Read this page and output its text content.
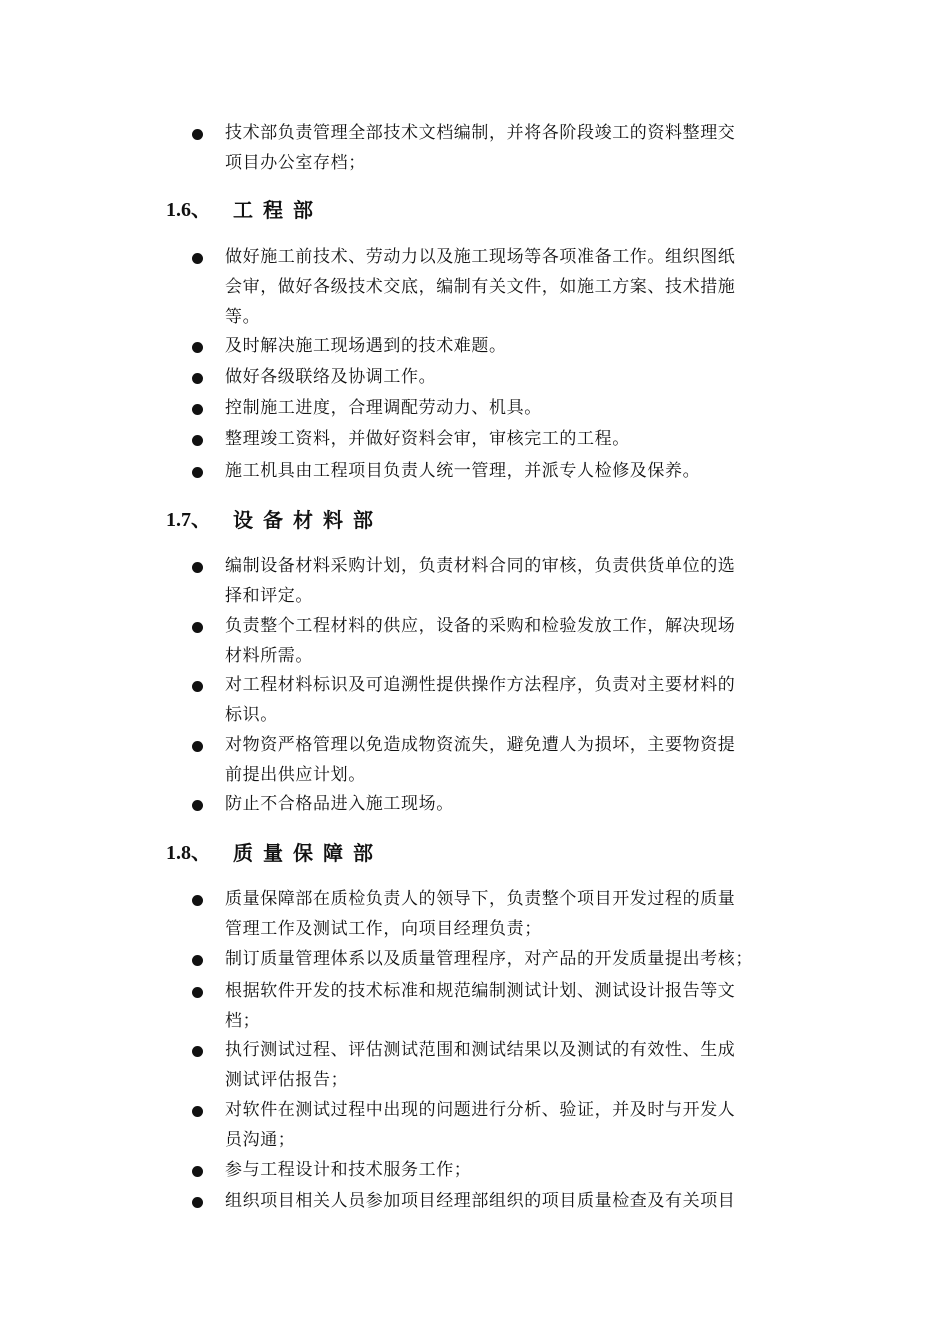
技术部负责管理全部技术文档编制，并将各阶段竣工的资料整理交
项目办公室存档；
1.6、 工程部
做好施工前技术、劳动力以及施工现场等各项准备工作。组织图纸
会审，做好各级技术交底，编制有关文件，如施工方案、技术措施
等。
及时解决施工现场遇到的技术难题。
做好各级联络及协调工作。
控制施工进度，合理调配劳动力、机具。
整理竣工资料，并做好资料会审，审核完工的工程。
施工机具由工程项目负责人统一管理，并派专人检修及保养。
1.7、 设备材料部
编制设备材料采购计划，负责材料合同的审核，负责供货单位的选
择和评定。
负责整个工程材料的供应，设备的采购和检验发放工作，解决现场
材料所需。
对工程材料标识及可追溯性提供操作方法程序，负责对主要材料的
标识。
对物资严格管理以免造成物资流失，避免遭人为损坏，主要物资提
前提出供应计划。
防止不合格品进入施工现场。
1.8、 质量保障部
质量保障部在质检负责人的领导下，负责整个项目开发过程的质量
管理工作及测试工作，向项目经理负责；
制订质量管理体系以及质量管理程序，对产品的开发质量提出考核；
根据软件开发的技术标准和规范编制测试计划、测试设计报告等文
档；
执行测试过程、评估测试范围和测试结果以及测试的有效性、生成
测试评估报告；
对软件在测试过程中出现的问题进行分析、验证，并及时与开发人
员沟通；
参与工程设计和技术服务工作；
组织项目相关人员参加项目经理部组织的项目质量检查及有关项目
